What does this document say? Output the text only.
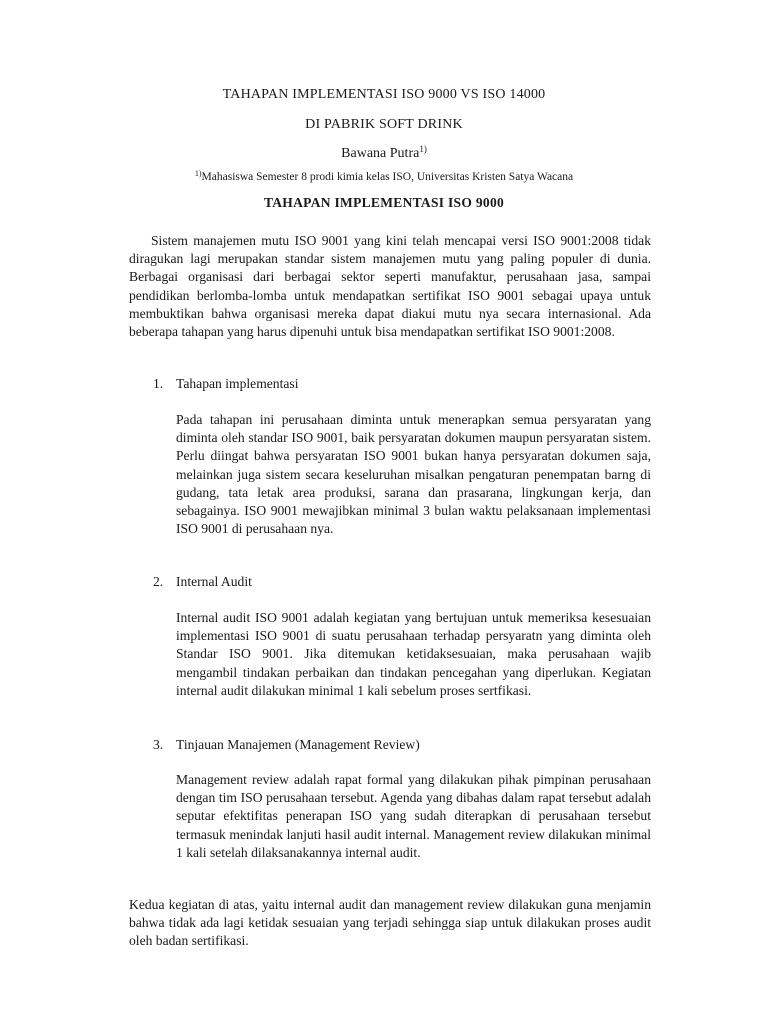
TAHAPAN IMPLEMENTASI ISO 9000 VS ISO 14000
DI PABRIK SOFT DRINK
Bawana Putra$^{1)}$
$^{1)}$Mahasiswa Semester 8 prodi kimia kelas ISO, Universitas Kristen Satya Wacana
TAHAPAN IMPLEMENTASI ISO 9000
Sistem manajemen mutu ISO 9001 yang kini telah mencapai versi ISO 9001:2008 tidak diragukan lagi merupakan standar sistem manajemen mutu yang paling populer di dunia. Berbagai organisasi dari berbagai sektor seperti manufaktur, perusahaan jasa, sampai pendidikan berlomba-lomba untuk mendapatkan sertifikat ISO 9001 sebagai upaya untuk membuktikan bahwa organisasi mereka dapat diakui mutu nya secara internasional. Ada beberapa tahapan yang harus dipenuhi untuk bisa mendapatkan sertifikat ISO 9001:2008.
1. Tahapan implementasi
Pada tahapan ini perusahaan diminta untuk menerapkan semua persyaratan yang diminta oleh standar ISO 9001, baik persyaratan dokumen maupun persyaratan sistem. Perlu diingat bahwa persyaratan ISO 9001 bukan hanya persyaratan dokumen saja, melainkan juga sistem secara keseluruhan misalkan pengaturan penempatan barng di gudang, tata letak area produksi, sarana dan prasarana, lingkungan kerja, dan sebagainya. ISO 9001 mewajibkan minimal 3 bulan waktu pelaksanaan implementasi ISO 9001 di perusahaan nya.
2. Internal Audit
Internal audit ISO 9001 adalah kegiatan yang bertujuan untuk memeriksa kesesuaian implementasi ISO 9001 di suatu perusahaan terhadap persyaratn yang diminta oleh Standar ISO 9001. Jika ditemukan ketidaksesuaian, maka perusahaan wajib mengambil tindakan perbaikan dan tindakan pencegahan yang diperlukan. Kegiatan internal audit dilakukan minimal 1 kali sebelum proses sertfikasi.
3. Tinjauan Manajemen (Management Review)
Management review adalah rapat formal yang dilakukan pihak pimpinan perusahaan dengan tim ISO perusahaan tersebut. Agenda yang dibahas dalam rapat tersebut adalah seputar efektifitas penerapan ISO yang sudah diterapkan di perusahaan tersebut termasuk menindak lanjuti hasil audit internal. Management review dilakukan minimal 1 kali setelah dilaksanakannya internal audit.
Kedua kegiatan di atas, yaitu internal audit dan management review dilakukan guna menjamin bahwa tidak ada lagi ketidak sesuaian yang terjadi sehingga siap untuk dilakukan proses audit oleh badan sertifikasi.
